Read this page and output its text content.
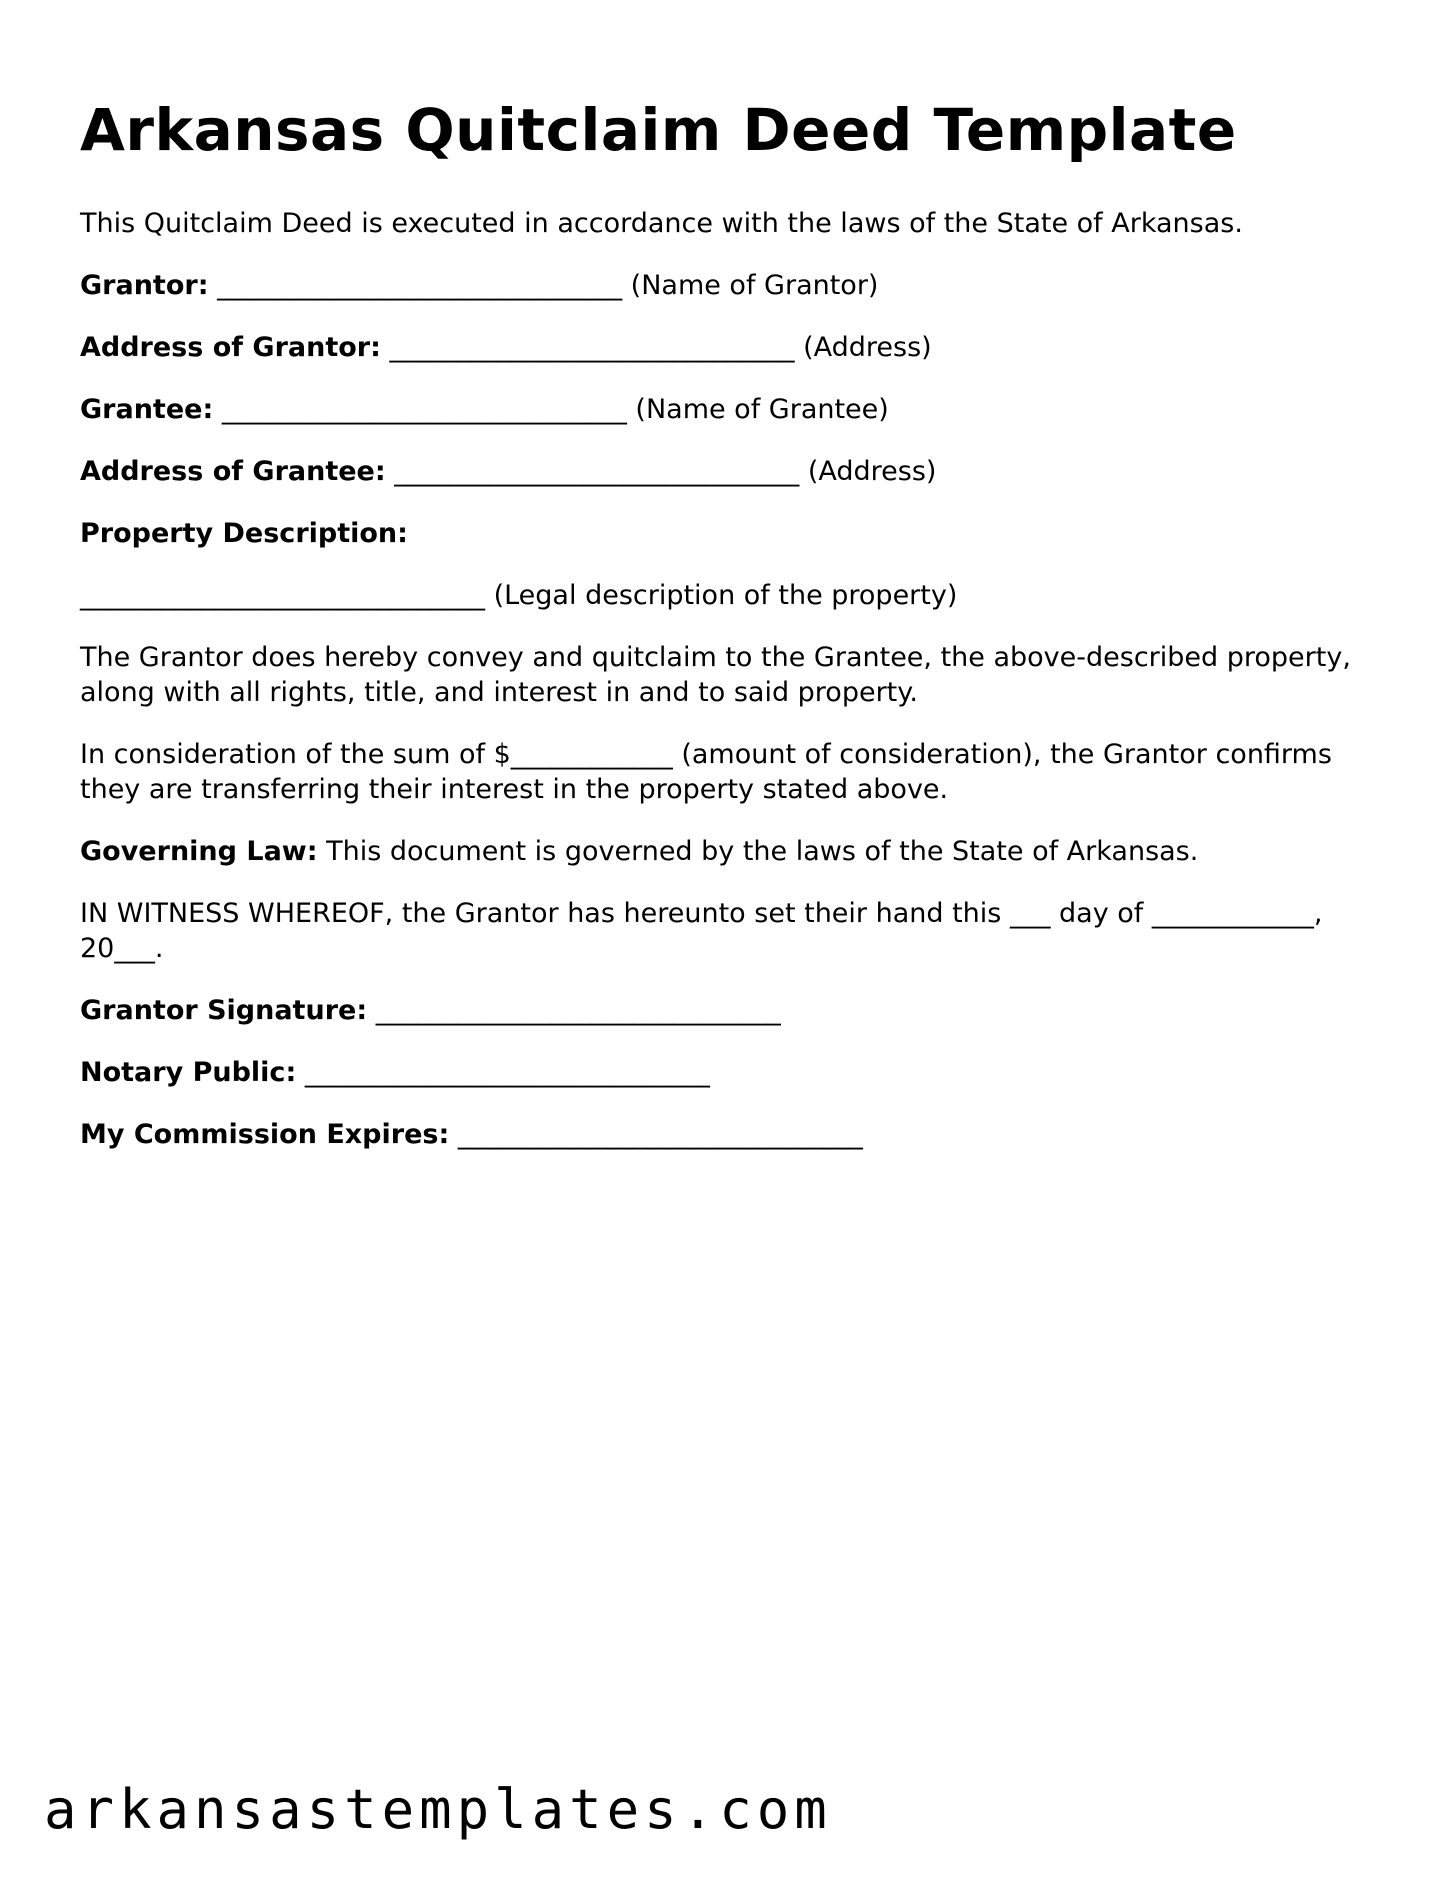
Arkansas Quitclaim Deed Template

This Quitclaim Deed is executed in accordance with the laws of the State of Arkansas.

Grantor: ______________________________ (Name of Grantor)

Address of Grantor: ______________________________ (Address)

Grantee: ______________________________ (Name of Grantee)

Address of Grantee: ______________________________ (Address)

Property Description:

______________________________ (Legal description of the property)

The Grantor does hereby convey and quitclaim to the Grantee, the above-described property, along with all rights, title, and interest in and to said property.

In consideration of the sum of $____________ (amount of consideration), the Grantor confirms they are transferring their interest in the property stated above.

Governing Law: This document is governed by the laws of the State of Arkansas.

IN WITNESS WHEREOF, the Grantor has hereunto set their hand this ___ day of ____________, 20___.

Grantor Signature: ______________________________

Notary Public: ______________________________

My Commission Expires: ______________________________

arkansastemplates.com
